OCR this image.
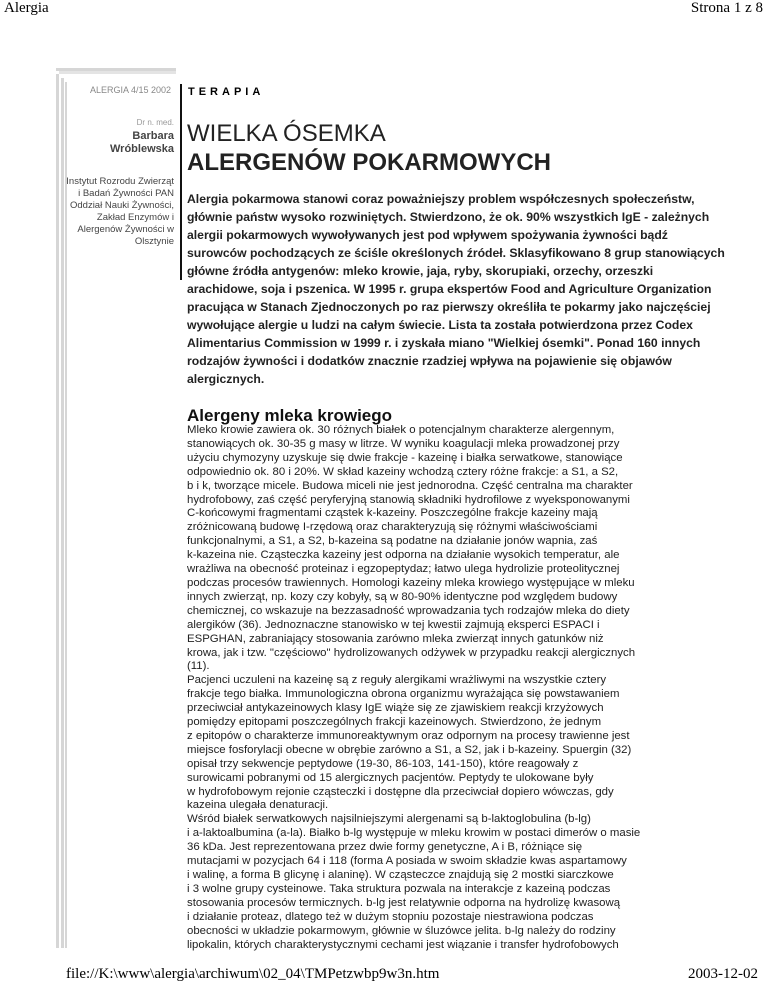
Alergia	Strona 1 z 8
ALERGIA 4/15 2002
Dr n. med.
Barbara Wróblewska
Instytut Rozrodu Zwierząt i Badań Żywności PAN Oddział Nauki Żywności, Zakład Enzymów i Alergenów Żywności w Olsztynie
TERAPIA
WIELKA ÓSEMKA
ALERGENÓW POKARMOWYCH
Alergia pokarmowa stanowi coraz poważniejszy problem współczesnych społeczeństw, głównie państw wysoko rozwiniętych. Stwierdzono, że ok. 90% wszystkich IgE - zależnych alergii pokarmowych wywoływanych jest pod wpływem spożywania żywności bądź surowców pochodzących ze ściśle określonych źródeł. Sklasyfikowano 8 grup stanowiących główne źródła antygenów: mleko krowie, jaja, ryby, skorupiaki, orzechy, orzeszki arachidowe, soja i pszenica. W 1995 r. grupa ekspertów Food and Agriculture Organization pracująca w Stanach Zjednoczonych po raz pierwszy określiła te pokarmy jako najczęściej wywołujące alergie u ludzi na całym świecie. Lista ta została potwierdzona przez Codex Alimentarius Commission w 1999 r. i zyskała miano "Wielkiej ósemki". Ponad 160 innych rodzajów żywności i dodatków znacznie rzadziej wpływa na pojawienie się objawów alergicznych.
Alergeny mleka krowiego
Mleko krowie zawiera ok. 30 różnych białek o potencjalnym charakterze alergennym,
stanowiących ok. 30-35 g masy w litrze. W wyniku koagulacji mleka prowadzonej przy
użyciu chymozyny uzyskuje się dwie frakcje - kazeinę i białka serwatkowe, stanowiące
odpowiednio ok. 80 i 20%. W skład kazeiny wchodzą cztery różne frakcje: a S1, a S2,
b i k, tworzące micele. Budowa miceli nie jest jednorodna. Część centralna ma charakter
hydrofobowy, zaś część peryferyjną stanowią składniki hydrofilowe z wyeksponowanymi
C-końcowymi fragmentami cząstek k-kazeiny. Poszczególne frakcje kazeiny mają
zróżnicowaną budowę I-rzędową oraz charakteryzują się różnymi właściwościami
funkcjonalnymi, a S1, a S2, b-kazeina są podatne na działanie jonów wapnia, zaś
k-kazeina nie. Cząsteczka kazeiny jest odporna na działanie wysokich temperatur, ale
wrażliwa na obecność proteinaz i egzopeptydaz; łatwo ulega hydrolizie proteolitycznej
podczas procesów trawiennych. Homologi kazeiny mleka krowiego występujące w mleku
innych zwierząt, np. kozy czy kobyły, są w 80-90% identyczne pod względem budowy
chemicznej, co wskazuje na bezzasadność wprowadzania tych rodzajów mleka do diety
alergików (36). Jednoznaczne stanowisko w tej kwestii zajmują eksperci ESPACI i
ESPGHAN, zabraniający stosowania zarówno mleka zwierząt innych gatunków niż
krowa, jak i tzw. "częściowo" hydrolizowanych odżywek w przypadku reakcji alergicznych
(11).
Pacjenci uczuleni na kazeinę są z reguły alergikami wrażliwymi na wszystkie cztery
frakcje tego białka. Immunologiczna obrona organizmu wyrażająca się powstawaniem
przeciwciał antykazeinowych klasy IgE wiąże się ze zjawiskiem reakcji krzyżowych
pomiędzy epitopami poszczególnych frakcji kazeinowych. Stwierdzono, że jednym
z epitopów o charakterze immunoreaktywnym oraz odpornym na procesy trawienne jest
miejsce fosforylacji obecne w obrębie zarówno a S1, a S2, jak i b-kazeiny. Spuergin (32)
opisał trzy sekwencje peptydowe (19-30, 86-103, 141-150), które reagowały z
surowicami pobranymi od 15 alergicznych pacjentów. Peptydy te ulokowane były
w hydrofobowym rejonie cząsteczki i dostępne dla przeciwciał dopiero wówczas, gdy
kazeina ulegała denaturacji.
Wśród białek serwatkowych najsilniejszymi alergenami są b-laktoglobulina (b-lg)
i a-laktoalbumina (a-la). Białko b-lg występuje w mleku krowim w postaci dimerów o masie
36 kDa. Jest reprezentowana przez dwie formy genetyczne, A i B, różniące się
mutacjami w pozycjach 64 i 118 (forma A posiada w swoim składzie kwas aspartamowy
i walinę, a forma B glicynę i alaninę). W cząsteczce znajdują się 2 mostki siarczkowe
i 3 wolne grupy cysteinowe. Taka struktura pozwala na interakcje z kazeiną podczas
stosowania procesów termicznych. b-lg jest relatywnie odporna na hydrolizę kwasową
i działanie proteaz, dlatego też w dużym stopniu pozostaje niestrawiona podczas
obecności w układzie pokarmowym, głównie w śluzówce jelita. b-lg należy do rodziny
lipokalin, których charakterystycznymi cechami jest wiązanie i transfer hydrofobowych
file://K:\www\alergia\archiwum\02_04\TMPetzwbp9w3n.htm	2003-12-02
